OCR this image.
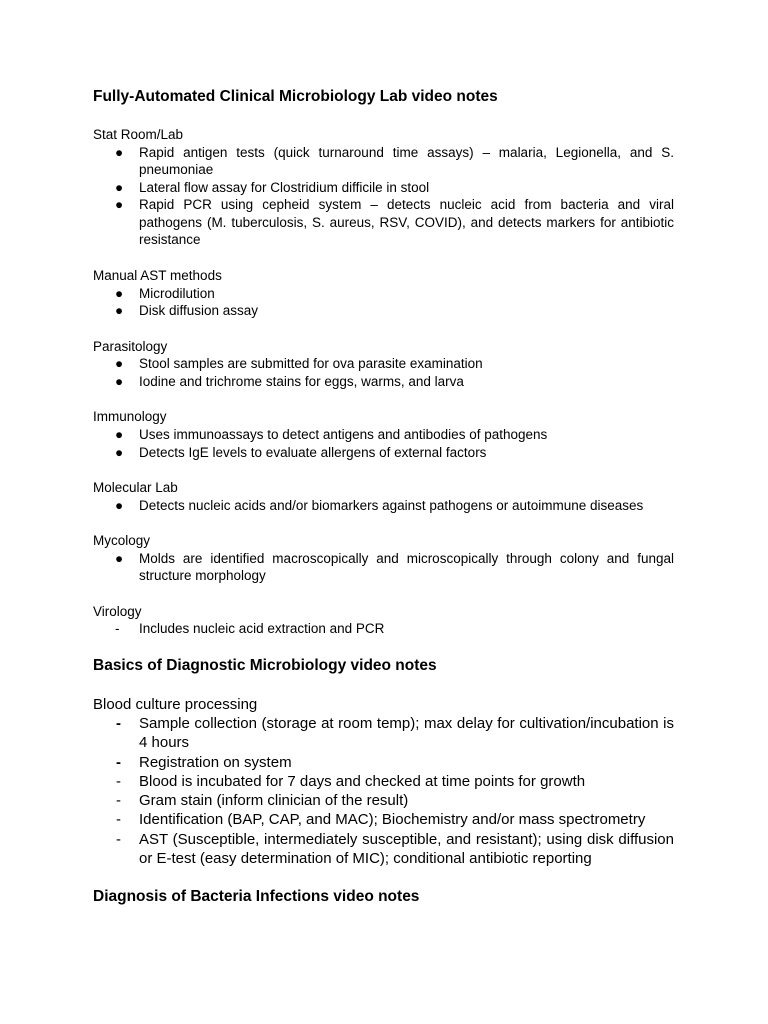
Fully-Automated Clinical Microbiology Lab video notes

Stat Room/Lab

● Rapid antigen tests (quick turnaround time assays) – malaria, Legionella, and S. pneumoniae
● Lateral flow assay for Clostridium difficile in stool
● Rapid PCR using cepheid system – detects nucleic acid from bacteria and viral pathogens (M. tuberculosis, S. aureus, RSV, COVID), and detects markers for antibiotic resistance

Manual AST methods

● Microdilution
● Disk diffusion assay

Parasitology

● Stool samples are submitted for ova parasite examination
● Iodine and trichrome stains for eggs, warms, and larva

Immunology

● Uses immunoassays to detect antigens and antibodies of pathogens
● Detects IgE levels to evaluate allergens of external factors

Molecular Lab

● Detects nucleic acids and/or biomarkers against pathogens or autoimmune diseases

Mycology

● Molds are identified macroscopically and microscopically through colony and fungal structure morphology

Virology

- Includes nucleic acid extraction and PCR
Basics of Diagnostic Microbiology video notes

Blood culture processing

- Sample collection (storage at room temp); max delay for cultivation/incubation is 4 hours
- Registration on system
- Blood is incubated for 7 days and checked at time points for growth
- Gram stain (inform clinician of the result)
- Identification (BAP, CAP, and MAC); Biochemistry and/or mass spectrometry
- AST (Susceptible, intermediately susceptible, and resistant); using disk diffusion or E-test (easy determination of MIC); conditional antibiotic reporting
Diagnosis of Bacteria Infections video notes
